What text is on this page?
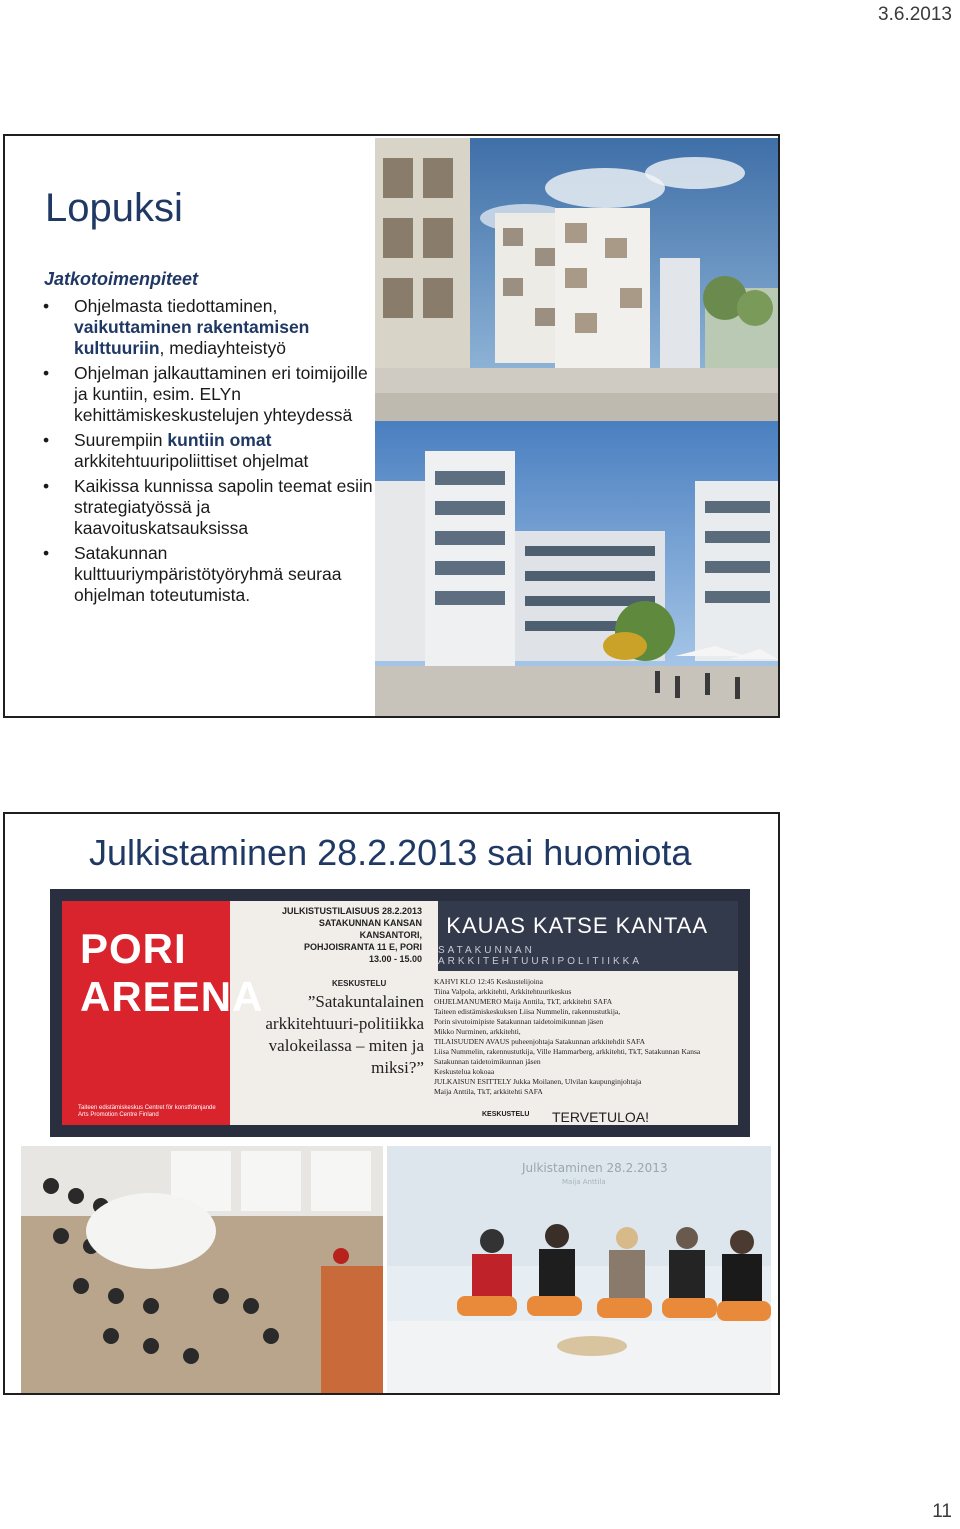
3.6.2013
Lopuksi
Jatkotoimenpiteet
• Ohjelmasta tiedottaminen, vaikuttaminen rakentamisen kulttuuriin, mediayhteistyö
• Ohjelman jalkauttaminen eri toimijoille ja kuntiin, esim. ELYn kehittämiskeskustelujen yhteydessä
• Suurempiin kuntiin omat arkkitehtuuripoliittiset ohjelmat
• Kaikissa kunnissa sapolin teemat esiin strategiatyössä ja kaavoituskatsauksissa
• Satakunnan kulttuuriympäristötyöryhmä seuraa ohjelman toteutumista.
Julkistaminen 28.2.2013 sai huomiota
PORI
AREENA
Taiteen edistämiskeskus Centret för konstfrämjande Arts Promotion Centre Finland
JULKISTUSTILAISUUS 28.2.2013
SATAKUNNAN KANSAN KANSANTORI,
POHJOISRANTA 11 E, PORI
13.00 - 15.00
KAUAS KATSE KANTAA
SATAKUNNAN ARKKITEHTUURIPOLITIIKKA
KESKUSTELU
”Satakuntalainen arkkitehtuuri-politiikka valokeilassa – miten ja miksi?”
KAHVI KLO 12:45 Keskustelijoina
Tiina Valpola, arkkitehti, Arkkitehtuurikeskus
OHJELMANUMERO Maija Anttila, TkT, arkkitehti SAFA
Taiteen edistämiskeskuksen Liisa Nummelin, rakennustutkija,
Porin sivutoimipiste Satakunnan taidetoimikunnan jäsen
Mikko Nurminen, arkkitehti,
TILAISUUDEN AVAUS puheenjohtaja Satakunnan arkkitehdit SAFA
Liisa Nummelin, rakennustutkija, Ville Hammarberg, arkkitehti, TkT, Satakunnan Kansa
Satakunnan taidetoimikunnan jäsen
Keskustelua kokoaa
JULKAISUN ESITTELY Jukka Moilanen, Ulvilan kaupunginjohtaja
Maija Anttila, TkT, arkkitehti SAFA
KESKUSTELU TERVETULOA!
Julkistaminen 28.2.2013
Maija Anttila
11
